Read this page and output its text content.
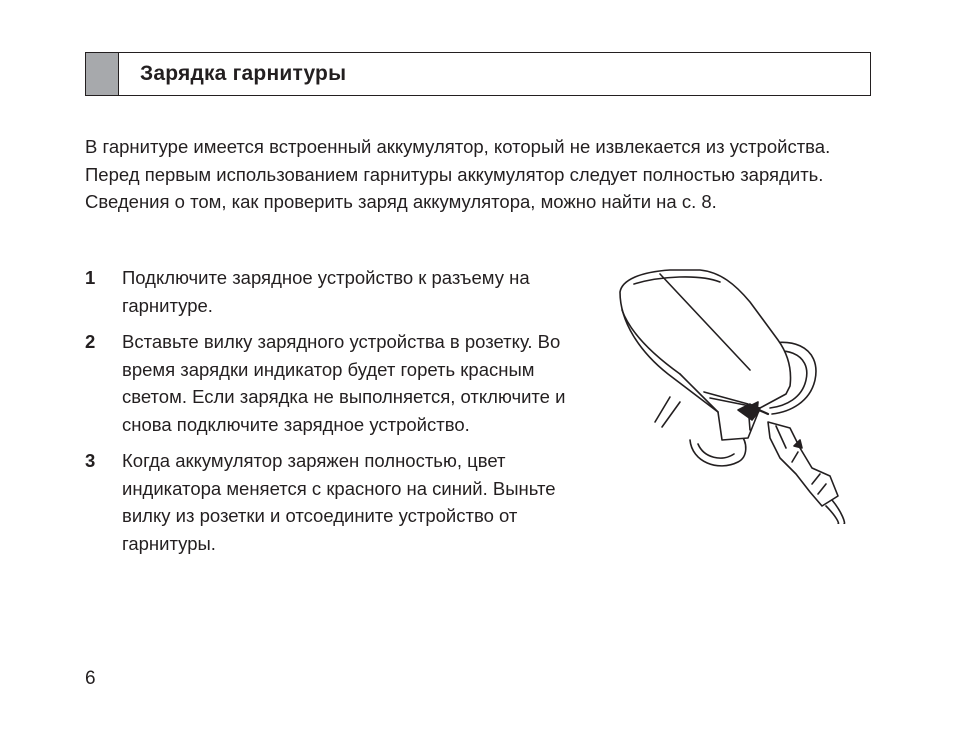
Зарядка гарнитуры

В гарнитуре имеется встроенный аккумулятор, который не извлекается из устройства. Перед первым использованием гарнитуры аккумулятор следует полностью зарядить. Сведения о том, как проверить заряд аккумулятора, можно найти на с. 8.

1	Подключите зарядное устройство к разъему на гарнитуре.
2	Вставьте вилку зарядного устройства в розетку. Во время зарядки индикатор будет гореть красным светом. Если зарядка не выполняется, отключите и снова подключите зарядное устройство.
3	Когда аккумулятор заряжен полностью, цвет индикатора меняется с красного на синий. Выньте вилку из розетки и отсоедините устройство от гарнитуры.
6
